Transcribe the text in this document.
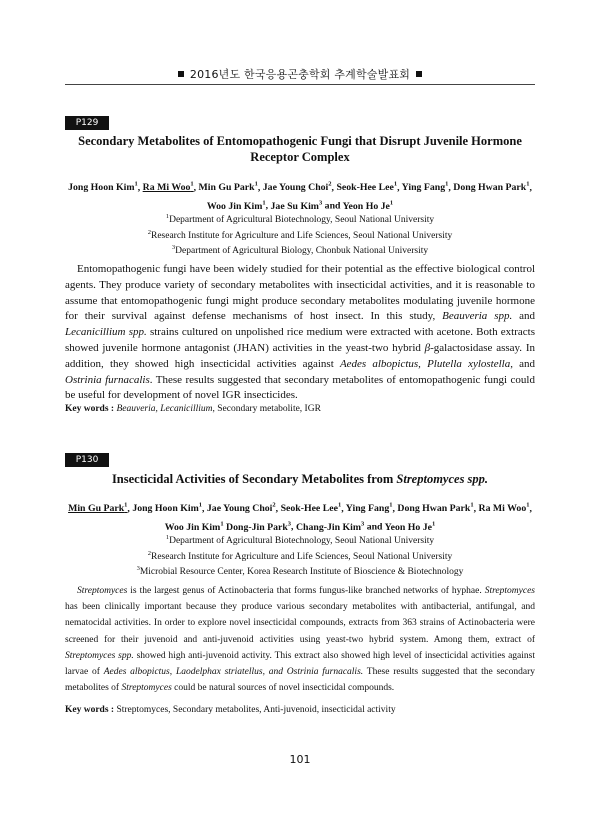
2016년도 한국응용곤충학회 추계학술발표회
P129
Secondary Metabolites of Entomopathogenic Fungi that Disrupt Juvenile Hormone Receptor Complex
Jong Hoon Kim$^1$, Ra Mi Woo$^1$, Min Gu Park$^1$, Jae Young Choi$^2$, Seok-Hee Lee$^1$, Ying Fang$^1$, Dong Hwan Park$^1$,
Woo Jin Kim$^1$, Jae Su Kim$^3$ and Yeon Ho Je$^1$
$^1$Department of Agricultural Biotechnology, Seoul National University
$^2$Research Institute for Agriculture and Life Sciences, Seoul National University
$^3$Department of Agricultural Biology, Chonbuk National University

Entomopathogenic fungi have been widely studied for their potential as the effective biological control agents. They produce variety of secondary metabolites with insecticidal activities, and it is reasonable to assume that entomopathogenic fungi might produce secondary metabolites modulating juvenile hormone for their survival against defense mechanisms of host insect. In this study, Beauveria spp. and Lecanicillium spp. strains cultured on unpolished rice medium were extracted with acetone. Both extracts showed juvenile hormone antagonist (JHAN) activities in the yeast-two hybrid β-galactosidase assay. In addition, they showed high insecticidal activities against Aedes albopictus, Plutella xylostella, and Ostrinia furnacalis. These results suggested that secondary metabolites of entomopathogenic fungi could be useful for development of novel IGR insecticides.

Key words : Beauveria, Lecanicillium, Secondary metabolite, IGR
P130
Insecticidal Activities of Secondary Metabolites from Streptomyces spp.
Min Gu Park$^1$, Jong Hoon Kim$^1$, Jae Young Choi$^2$, Seok-Hee Lee$^1$, Ying Fang$^1$, Dong Hwan Park$^1$, Ra Mi Woo$^1$,
Woo Jin Kim$^1$ Dong-Jin Park$^3$, Chang-Jin Kim$^3$ and Yeon Ho Je$^1$
$^1$Department of Agricultural Biotechnology, Seoul National University
$^2$Research Institute for Agriculture and Life Sciences, Seoul National University
$^3$Microbial Resource Center, Korea Research Institute of Bioscience & Biotechnology

Streptomyces is the largest genus of Actinobacteria that forms fungus-like branched networks of hyphae. Streptomyces has been clinically important because they produce various secondary metabolites with antibacterial, antifungal, and nematocidal activities. In order to explore novel insecticidal compounds, extracts from 363 strains of Actinobacteria were screened for their juvenoid and anti-juvenoid activities using yeast-two hybrid system. Among them, extract of Streptomyces spp. showed high anti-juvenoid activity. This extract also showed high level of insecticidal activities against larvae of Aedes albopictus, Laodelphax striatellus, and Ostrinia furnacalis. These results suggested that the secondary metabolites of Streptomyces could be natural sources of novel insecticidal compounds.

Key words : Streptomyces, Secondary metabolites, Anti-juvenoid, insecticidal activity
101
